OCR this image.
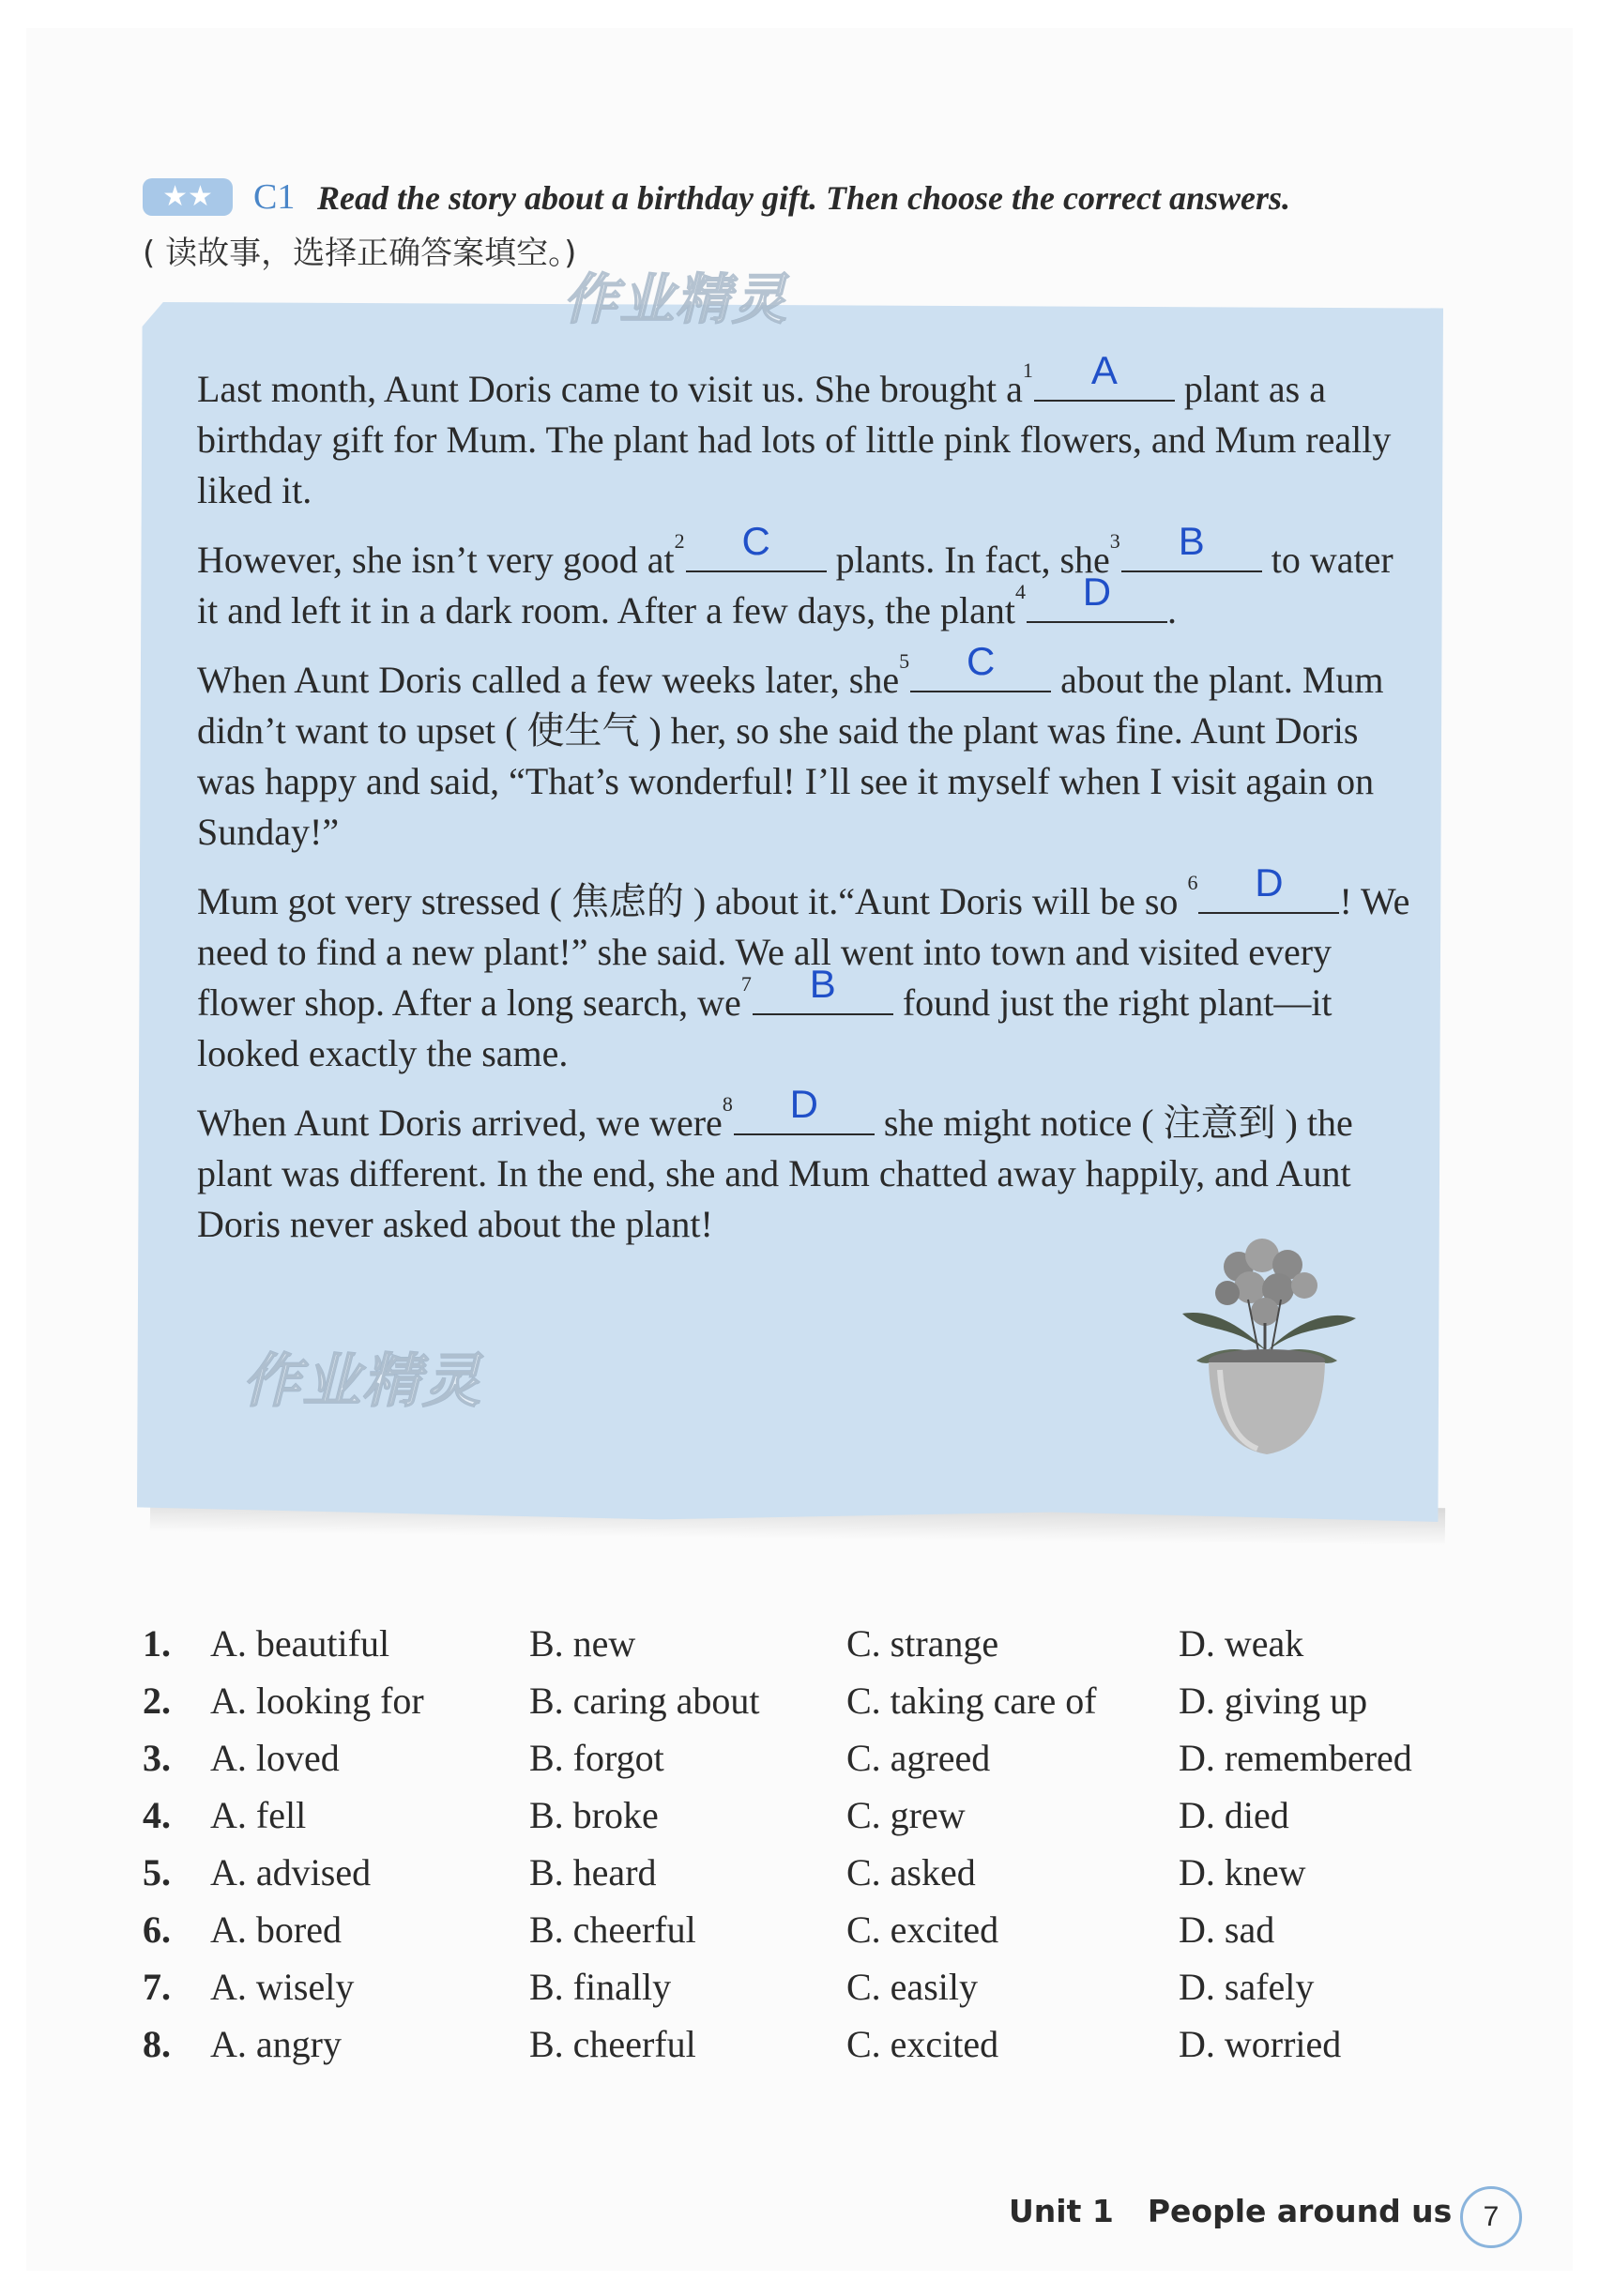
★★ C1 Read the story about a birthday gift. Then choose the correct answers.
( 读故事，选择正确答案填空。)
作业精灵
作业精灵

Last month, Aunt Doris came to visit us. She brought a 1	A	plant as a birthday gift for Mum. The plant had lots of little pink flowers, and Mum really liked it.

However, she isn’t very good at 2	C	plants. In fact, she 3	B	to water it and left it in a dark room. After a few days, the plant 4	D	.

When Aunt Doris called a few weeks later, she 5	C	about the plant. Mum didn’t want to upset ( 使生气 ) her, so she said the plant was fine. Aunt Doris was happy and said, “That’s wonderful! I’ll see it myself when I visit again on Sunday!”

Mum got very stressed ( 焦虑的 ) about it.“Aunt Doris will be so 6	D	! We need to find a new plant!” she said. We all went into town and visited every flower shop. After a long search, we 7	B	found just the right plant—it looked exactly the same.

When Aunt Doris arrived, we were 8	D	she might notice ( 注意到 ) the plant was different. In the end, she and Mum chatted away happily, and Aunt Doris never asked about the plant!

1. A. beautiful	B. new	C. strange	D. weak
2. A. looking for	B. caring about C. taking care of D. giving up
3. A. loved	B. forgot	C. agreed	D. remembered
4. A. fell	B. broke	C. grew	D. died
5. A. advised	B. heard	C. asked	D. knew
6. A. bored	B. cheerful	C. excited	D. sad
7. A. wisely	B. finally	C. easily	D. safely
8. A. angry	B. cheerful	C. excited	D. worried
Unit 1 People around us 7
